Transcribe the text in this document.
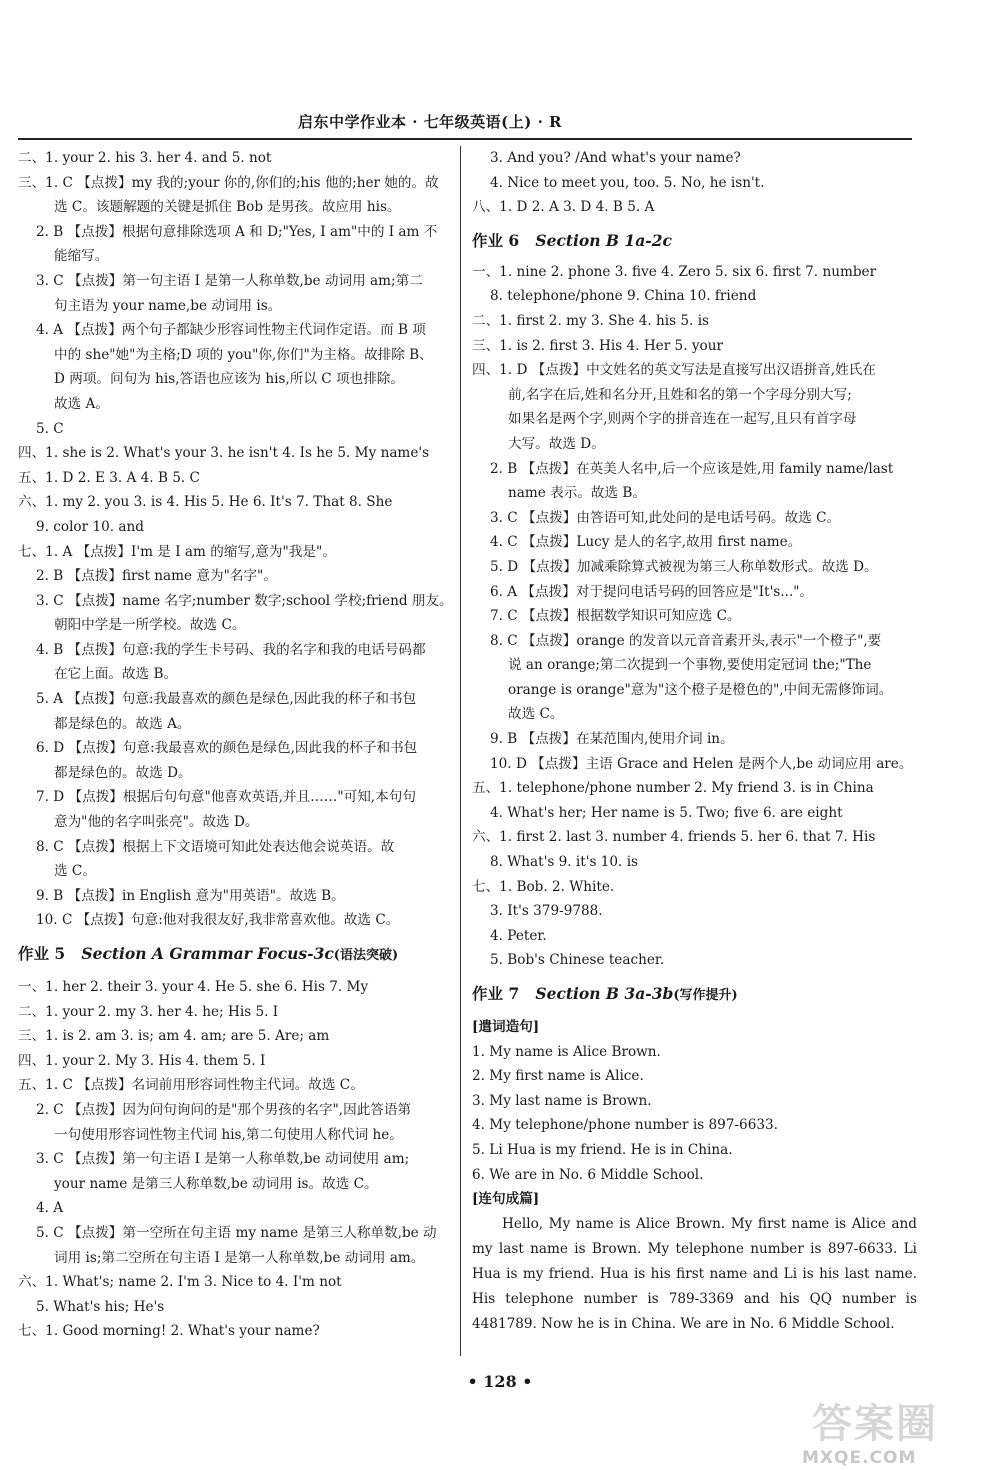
启东中学作业本 · 七年级英语(上) · R
二、1. your 2. his 3. her 4. and 5. not
三、1. C 【点拨】my 我的;your 你的,你们的;his 他的;her 她的。故
选 C。该题解题的关键是抓住 Bob 是男孩。故应用 his。
2. B 【点拨】根据句意排除选项 A 和 D;"Yes, I am"中的 I am 不
能缩写。
3. C 【点拨】第一句主语 I 是第一人称单数,be 动词用 am;第二
句主语为 your name,be 动词用 is。
4. A 【点拨】两个句子都缺少形容词性物主代词作定语。而 B 项
中的 she"她"为主格;D 项的 you"你,你们"为主格。故排除 B、
D 两项。问句为 his,答语也应该为 his,所以 C 项也排除。
故选 A。
5. C
四、1. she is 2. What's your 3. he isn't 4. Is he 5. My name's
五、1. D 2. E 3. A 4. B 5. C
六、1. my 2. you 3. is 4. His 5. He 6. It's 7. That 8. She
9. color 10. and
七、1. A 【点拨】I'm 是 I am 的缩写,意为"我是"。
2. B 【点拨】first name 意为"名字"。
3. C 【点拨】name 名字;number 数字;school 学校;friend 朋友。
朝阳中学是一所学校。故选 C。
4. B 【点拨】句意:我的学生卡号码、我的名字和我的电话号码都
在它上面。故选 B。
5. A 【点拨】句意:我最喜欢的颜色是绿色,因此我的杯子和书包
都是绿色的。故选 A。
6. D 【点拨】句意:我最喜欢的颜色是绿色,因此我的杯子和书包
都是绿色的。故选 D。
7. D 【点拨】根据后句句意"他喜欢英语,并且……"可知,本句句
意为"他的名字叫张亮"。故选 D。
8. C 【点拨】根据上下文语境可知此处表达他会说英语。故
选 C。
9. B 【点拨】in English 意为"用英语"。故选 B。
10. C 【点拨】句意:他对我很友好,我非常喜欢他。故选 C。
作业 5 Section A Grammar Focus-3c(语法突破)
一、1. her 2. their 3. your 4. He 5. she 6. His 7. My
二、1. your 2. my 3. her 4. he; His 5. I
三、1. is 2. am 3. is; am 4. am; are 5. Are; am
四、1. your 2. My 3. His 4. them 5. I
五、1. C 【点拨】名词前用形容词性物主代词。故选 C。
2. C 【点拨】因为问句询问的是"那个男孩的名字",因此答语第
一句使用形容词性物主代词 his,第二句使用人称代词 he。
3. C 【点拨】第一句主语 I 是第一人称单数,be 动词使用 am;
your name 是第三人称单数,be 动词用 is。故选 C。
4. A
5. C 【点拨】第一空所在句主语 my name 是第三人称单数,be 动
词用 is;第二空所在句主语 I 是第一人称单数,be 动词用 am。
六、1. What's; name 2. I'm 3. Nice to 4. I'm not
5. What's his; He's
七、1. Good morning! 2. What's your name?
3. And you? /And what's your name?
4. Nice to meet you, too. 5. No, he isn't.
八、1. D 2. A 3. D 4. B 5. A
作业 6 Section B 1a-2c
一、1. nine 2. phone 3. five 4. Zero 5. six 6. first 7. number
8. telephone/phone 9. China 10. friend
二、1. first 2. my 3. She 4. his 5. is
三、1. is 2. first 3. His 4. Her 5. your
四、1. D 【点拨】中文姓名的英文写法是直接写出汉语拼音,姓氏在
前,名字在后,姓和名分开,且姓和名的第一个字母分别大写;
如果名是两个字,则两个字的拼音连在一起写,且只有首字母
大写。故选 D。
2. B 【点拨】在英美人名中,后一个应该是姓,用 family name/last
name 表示。故选 B。
3. C 【点拨】由答语可知,此处问的是电话号码。故选 C。
4. C 【点拨】Lucy 是人的名字,故用 first name。
5. D 【点拨】加减乘除算式被视为第三人称单数形式。故选 D。
6. A 【点拨】对于提问电话号码的回答应是"It's..."。
7. C 【点拨】根据数学知识可知应选 C。
8. C 【点拨】orange 的发音以元音音素开头,表示"一个橙子",要
说 an orange;第二次提到一个事物,要使用定冠词 the;"The
orange is orange"意为"这个橙子是橙色的",中间无需修饰词。
故选 C。
9. B 【点拨】在某范围内,使用介词 in。
10. D 【点拨】主语 Grace and Helen 是两个人,be 动词应用 are。
五、1. telephone/phone number 2. My friend 3. is in China
4. What's her; Her name is 5. Two; five 6. are eight
六、1. first 2. last 3. number 4. friends 5. her 6. that 7. His
8. What's 9. it's 10. is
七、1. Bob. 2. White.
3. It's 379-9788.
4. Peter.
5. Bob's Chinese teacher.
作业 7 Section B 3a-3b(写作提升)
[遣词造句]
1. My name is Alice Brown.
2. My first name is Alice.
3. My last name is Brown.
4. My telephone/phone number is 897-6633.
5. Li Hua is my friend. He is in China.
6. We are in No. 6 Middle School.
[连句成篇]
Hello, My name is Alice Brown. My first name is Alice and my last name is Brown. My telephone number is 897-6633. Li Hua is my friend. Hua is his first name and Li is his last name. His telephone number is 789-3369 and his QQ number is 4481789. Now he is in China. We are in No. 6 Middle School.
• 128 •
答案圈
MXQE.COM
